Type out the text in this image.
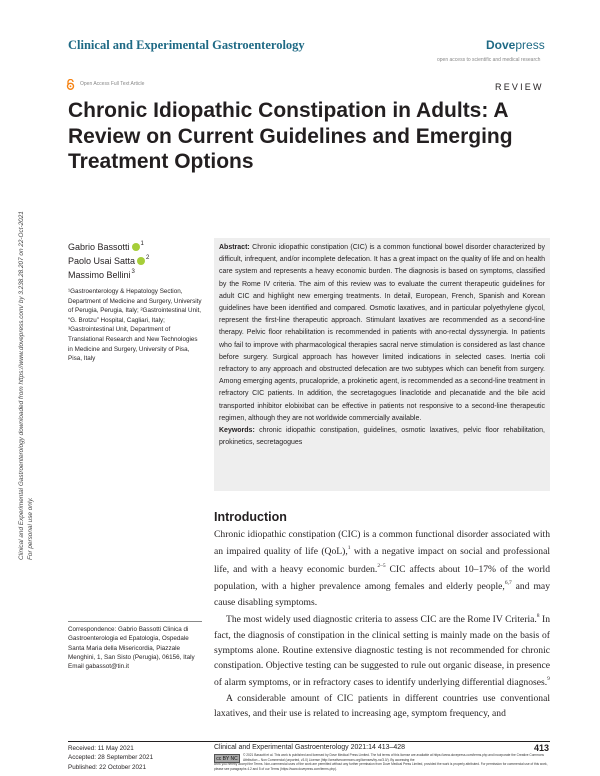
Clinical and Experimental Gastroenterology downloaded from https://www.dovepress.com/ by 3.238.28.207 on 22-Oct-2021 For personal use only.
Clinical and Experimental Gastroenterology	Dovepress
open access to scientific and medical research
Open Access Full Text Article	REVIEW
Chronic Idiopathic Constipation in Adults: A Review on Current Guidelines and Emerging Treatment Options
Gabrio Bassotti $^1$
Paolo Usai Satta $^2$
Massimo Bellini$^3$
¹Gastroenterology & Hepatology Section, Department of Medicine and Surgery, University of Perugia, Perugia, Italy; ²Gastrointestinal Unit, “G. Brotzu” Hospital, Cagliari, Italy; ³Gastrointestinal Unit, Department of Translational Research and New Technologies in Medicine and Surgery, University of Pisa, Pisa, Italy
Abstract: Chronic idiopathic constipation (CIC) is a common functional bowel disorder characterized by difficult, infrequent, and/or incomplete defecation. It has a great impact on the quality of life and on health care system and represents a heavy economic burden. The diagnosis is based on symptoms, classified by the Rome IV criteria. The aim of this review was to evaluate the current therapeutic guidelines for adult CIC and highlight new emerging treatments. In detail, European, French, Spanish and Korean guidelines have been identified and compared. Osmotic laxatives, and in particular polyethylene glycol, represent the first-line therapeutic approach. Stimulant laxatives are recommended as a second-line therapy. Pelvic floor rehabilitation is recommended in patients with ano-rectal dyssynergia. In patients who fail to improve with pharmacological therapies sacral nerve stimulation is considered as last chance before surgery. Surgical approach has however limited indications in selected cases. Inertia coli refractory to any approach and obstructed defecation are two subtypes which can benefit from surgery. Among emerging agents, prucalopride, a prokinetic agent, is recommended as a second-line treatment in refractory CIC patients. In addition, the secretagogues linaclotide and plecanatide and the bile acid transported inhibitor elobixibat can be effective in patients not responsive to a second-line therapeutic regimen, although they are not worldwide commercially available.
Keywords: chronic idiopathic constipation, guidelines, osmotic laxatives, pelvic floor rehabilitation, prokinetics, secretagogues
Introduction

Chronic idiopathic constipation (CIC) is a common functional disorder associated with an impaired quality of life (QoL),$^1$ with a negative impact on social and professional life, and with a heavy economic burden.$^{2-5}$ CIC affects about 10–17% of the world population, with a higher prevalence among females and elderly people,$^{6,7}$ and may cause disabling symptoms.

The most widely used diagnostic criteria to assess CIC are the Rome IV Criteria.$^8$ In fact, the diagnosis of constipation in the clinical setting is mainly made on the basis of symptoms alone. Routine extensive diagnostic testing is not recommended for chronic constipation. Objective testing can be suggested to rule out organic disease, in presence of alarm symptoms, or in refractory cases to identify underlying differential diagnoses.$^9$

A considerable amount of CIC patients in different countries use conventional laxatives, and their use is related to increasing age, symptom frequency, and

Correspondence: Gabrio Bassotti Clinica di Gastroenterologia ed Epatologia, Ospedale Santa Maria della Misericordia, Piazzale Menghini, 1, San Sisto (Perugia), 06156, Italy Email gabassot@tin.it
Received: 11 May 2021
Accepted: 28 September 2021
Published: 22 October 2021
Clinical and Experimental Gastroenterology 2021:14 413–428	413
cc BY NC
© 2021 Bassotti et al. This work is published and licensed by Dove Medical Press Limited. The full terms of this license are available at https://www.dovepress.com/terms.php and incorporate the Creative Commons Attribution – Non Commercial (unported, v3.0) License (http://creativecommons.org/licenses/by-nc/3.0/). By accessing the
work you hereby accept the Terms. Non-commercial uses of the work are permitted without any further permission from Dove Medical Press Limited, provided the work is properly attributed. For permission for commercial use of this work, please see paragraphs 4.2 and 5 of our Terms (https://www.dovepress.com/terms.php).
